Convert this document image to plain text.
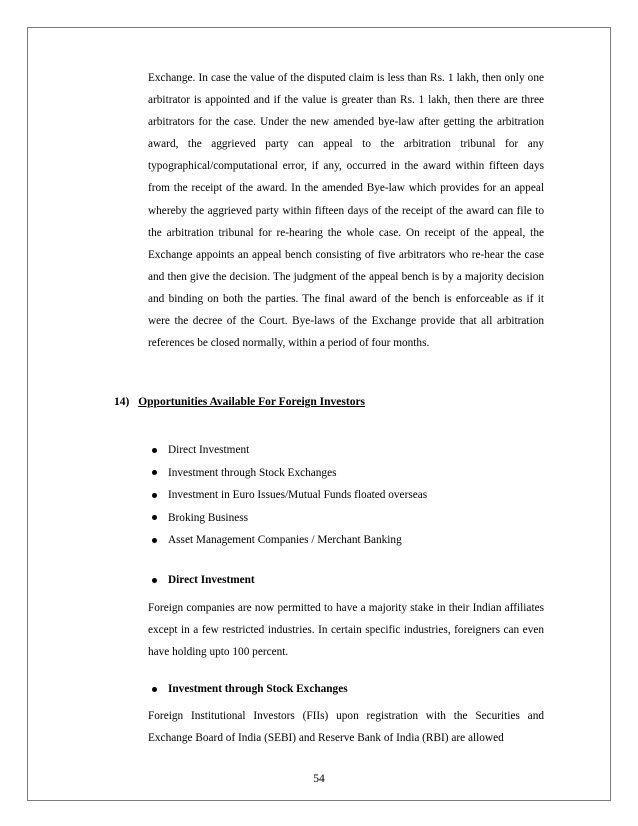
Exchange. In case the value of the disputed claim is less than Rs. 1 lakh, then only one arbitrator is appointed and if the value is greater than Rs. 1 lakh, then there are three arbitrators for the case. Under the new amended bye-law after getting the arbitration award, the aggrieved party can appeal to the arbitration tribunal for any typographical/computational error, if any, occurred in the award within fifteen days from the receipt of the award. In the amended Bye-law which provides for an appeal whereby the aggrieved party within fifteen days of the receipt of the award can file to the arbitration tribunal for re-hearing the whole case. On receipt of the appeal, the Exchange appoints an appeal bench consisting of five arbitrators who re-hear the case and then give the decision. The judgment of the appeal bench is by a majority decision and binding on both the parties. The final award of the bench is enforceable as if it were the decree of the Court. Bye-laws of the Exchange provide that all arbitration references be closed normally, within a period of four months.

14) Opportunities Available For Foreign Investors
Direct Investment
Investment through Stock Exchanges
Investment in Euro Issues/Mutual Funds floated overseas
Broking Business
Asset Management Companies / Merchant Banking
Direct Investment

Foreign companies are now permitted to have a majority stake in their Indian affiliates except in a few restricted industries. In certain specific industries, foreigners can even have holding upto 100 percent.

Investment through Stock Exchanges

Foreign Institutional Investors (FIIs) upon registration with the Securities and Exchange Board of India (SEBI) and Reserve Bank of India (RBI) are allowed

54
